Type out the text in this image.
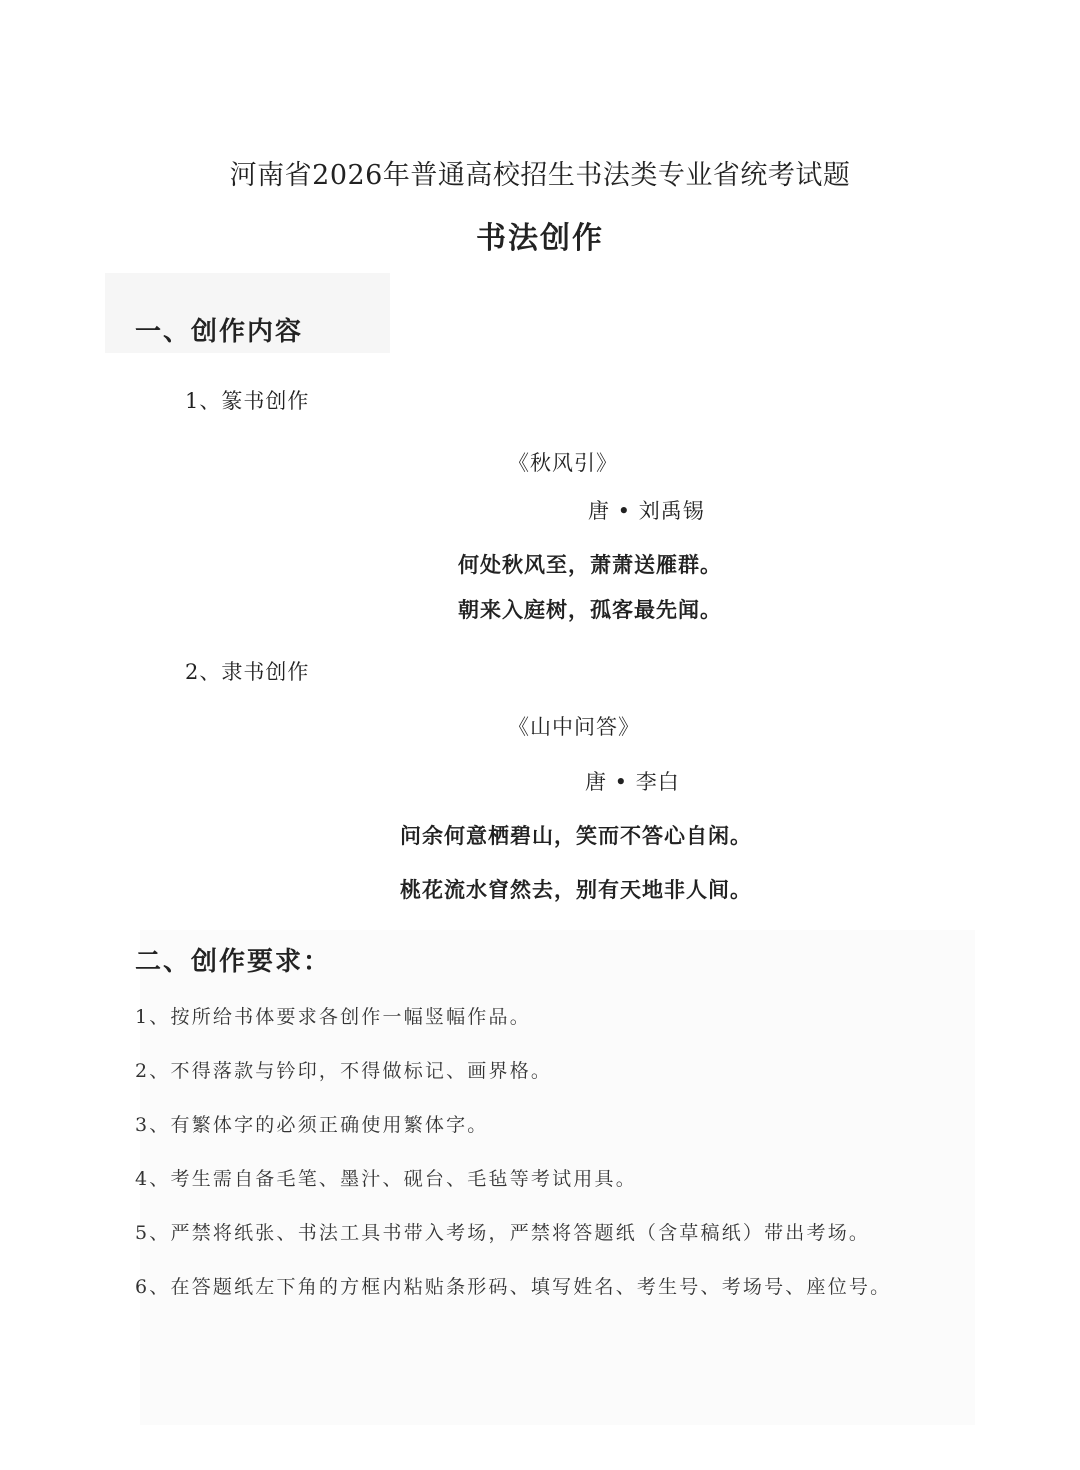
河南省2026年普通高校招生书法类专业省统考试题
书法创作
一、创作内容
1、篆书创作
《秋风引》
唐 • 刘禹锡
何处秋风至，萧萧送雁群。
朝来入庭树，孤客最先闻。
2、隶书创作
《山中问答》
唐 • 李白
问余何意栖碧山，笑而不答心自闲。
桃花流水窅然去，别有天地非人间。
二、创作要求：
1、按所给书体要求各创作一幅竖幅作品。
2、不得落款与钤印，不得做标记、画界格。
3、有繁体字的必须正确使用繁体字。
4、考生需自备毛笔、墨汁、砚台、毛毡等考试用具。
5、严禁将纸张、书法工具书带入考场，严禁将答题纸（含草稿纸）带出考场。
6、在答题纸左下角的方框内粘贴条形码、填写姓名、考生号、考场号、座位号。
